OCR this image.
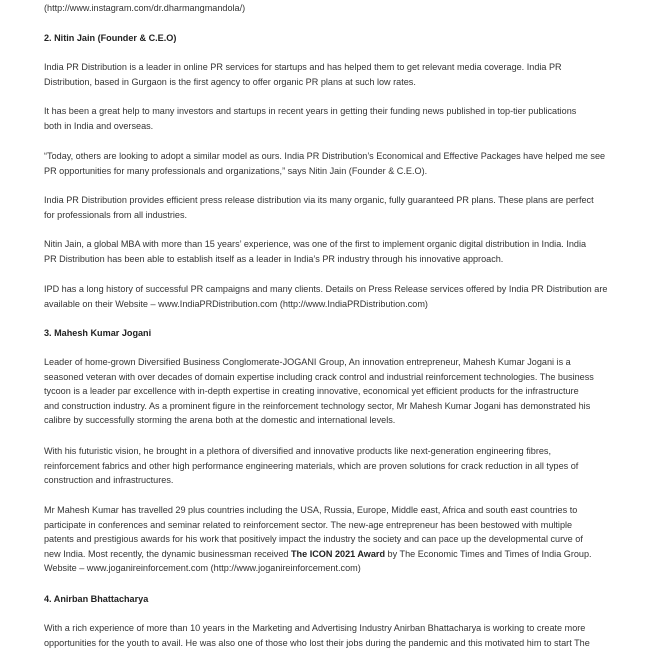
(http://www.instagram.com/dr.dharmangmandola/)

2. Nitin Jain (Founder & C.E.O)

India PR Distribution is a leader in online PR services for startups and has helped them to get relevant media coverage. India PR
Distribution, based in Gurgaon is the first agency to offer organic PR plans at such low rates.

It has been a great help to many investors and startups in recent years in getting their funding news published in top-tier publications
both in India and overseas.

“Today, others are looking to adopt a similar model as ours. India PR Distribution’s Economical and Effective Packages have helped me see
PR opportunities for many professionals and organizations,” says Nitin Jain (Founder & C.E.O).

India PR Distribution provides efficient press release distribution via its many organic, fully guaranteed PR plans. These plans are perfect
for professionals from all industries.

Nitin Jain, a global MBA with more than 15 years’ experience, was one of the first to implement organic digital distribution in India. India
PR Distribution has been able to establish itself as a leader in India’s PR industry through his innovative approach.

IPD has a long history of successful PR campaigns and many clients. Details on Press Release services offered by India PR Distribution are
available on their Website – www.IndiaPRDistribution.com (http://www.IndiaPRDistribution.com)

3. Mahesh Kumar Jogani

Leader of home-grown Diversified Business Conglomerate-JOGANI Group, An innovation entrepreneur, Mahesh Kumar Jogani is a
seasoned veteran with over decades of domain expertise including crack control and industrial reinforcement technologies. The business
tycoon is a leader par excellence with in-depth expertise in creating innovative, economical yet efficient products for the infrastructure
and construction industry. As a prominent figure in the reinforcement technology sector, Mr Mahesh Kumar Jogani has demonstrated his
calibre by successfully storming the arena both at the domestic and international levels.

With his futuristic vision, he brought in a plethora of diversified and innovative products like next-generation engineering fibres,
reinforcement fabrics and other high performance engineering materials, which are proven solutions for crack reduction in all types of
construction and infrastructures.

Mr Mahesh Kumar has travelled 29 plus countries including the USA, Russia, Europe, Middle east, Africa and south east countries to
participate in conferences and seminar related to reinforcement sector. The new-age entrepreneur has been bestowed with multiple
patents and prestigious awards for his work that positively impact the industry the society and can pace up the developmental curve of
new India. Most recently, the dynamic businessman received The ICON 2021 Award by The Economic Times and Times of India Group.
Website – www.joganireinforcement.com (http://www.joganireinforcement.com)

4. Anirban Bhattacharya

With a rich experience of more than 10 years in the Marketing and Advertising Industry Anirban Bhattacharya is working to create more
opportunities for the youth to avail. He was also one of those who lost their jobs during the pandemic and this motivated him to start The
